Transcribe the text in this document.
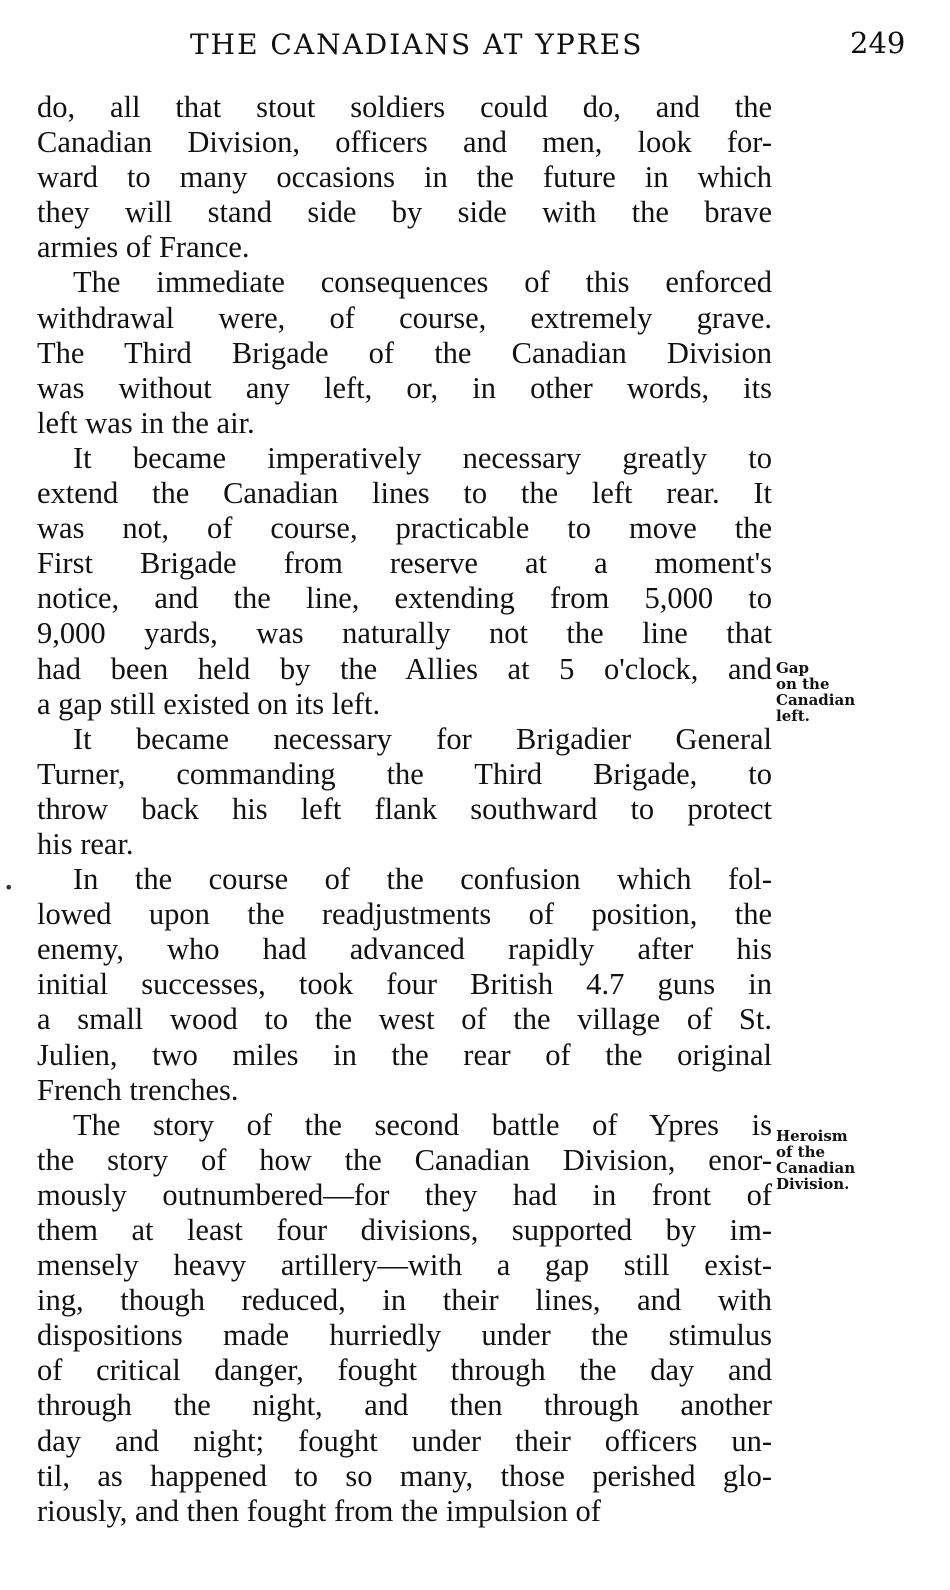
THE CANADIANS AT YPRES	249
do, all that stout soldiers could do, and the
Canadian Division, officers and men, look for-
ward to many occasions in the future in which
they will stand side by side with the brave
armies of France.
The immediate consequences of this enforced
withdrawal were, of course, extremely grave.
The Third Brigade of the Canadian Division
was without any left, or, in other words, its
left was in the air.
It became imperatively necessary greatly to
extend the Canadian lines to the left rear. It
was not, of course, practicable to move the
First Brigade from reserve at a moment's
notice, and the line, extending from 5,000 to
9,000 yards, was naturally not the line that
had been held by the Allies at 5 o'clock, and
a gap still existed on its left.
It became necessary for Brigadier General
Turner, commanding the Third Brigade, to
throw back his left flank southward to protect
his rear.
In the course of the confusion which fol-
lowed upon the readjustments of position, the
enemy, who had advanced rapidly after his
initial successes, took four British 4.7 guns in
a small wood to the west of the village of St.
Julien, two miles in the rear of the original
French trenches.
The story of the second battle of Ypres is
the story of how the Canadian Division, enor-
mously outnumbered—for they had in front of
them at least four divisions, supported by im-
mensely heavy artillery—with a gap still exist-
ing, though reduced, in their lines, and with
dispositions made hurriedly under the stimulus
of critical danger, fought through the day and
through the night, and then through another
day and night; fought under their officers un-
til, as happened to so many, those perished glo-
riously, and then fought from the impulsion of
Gap
on the
Canadian
left.
Heroism
of the
Canadian
Division.
•
